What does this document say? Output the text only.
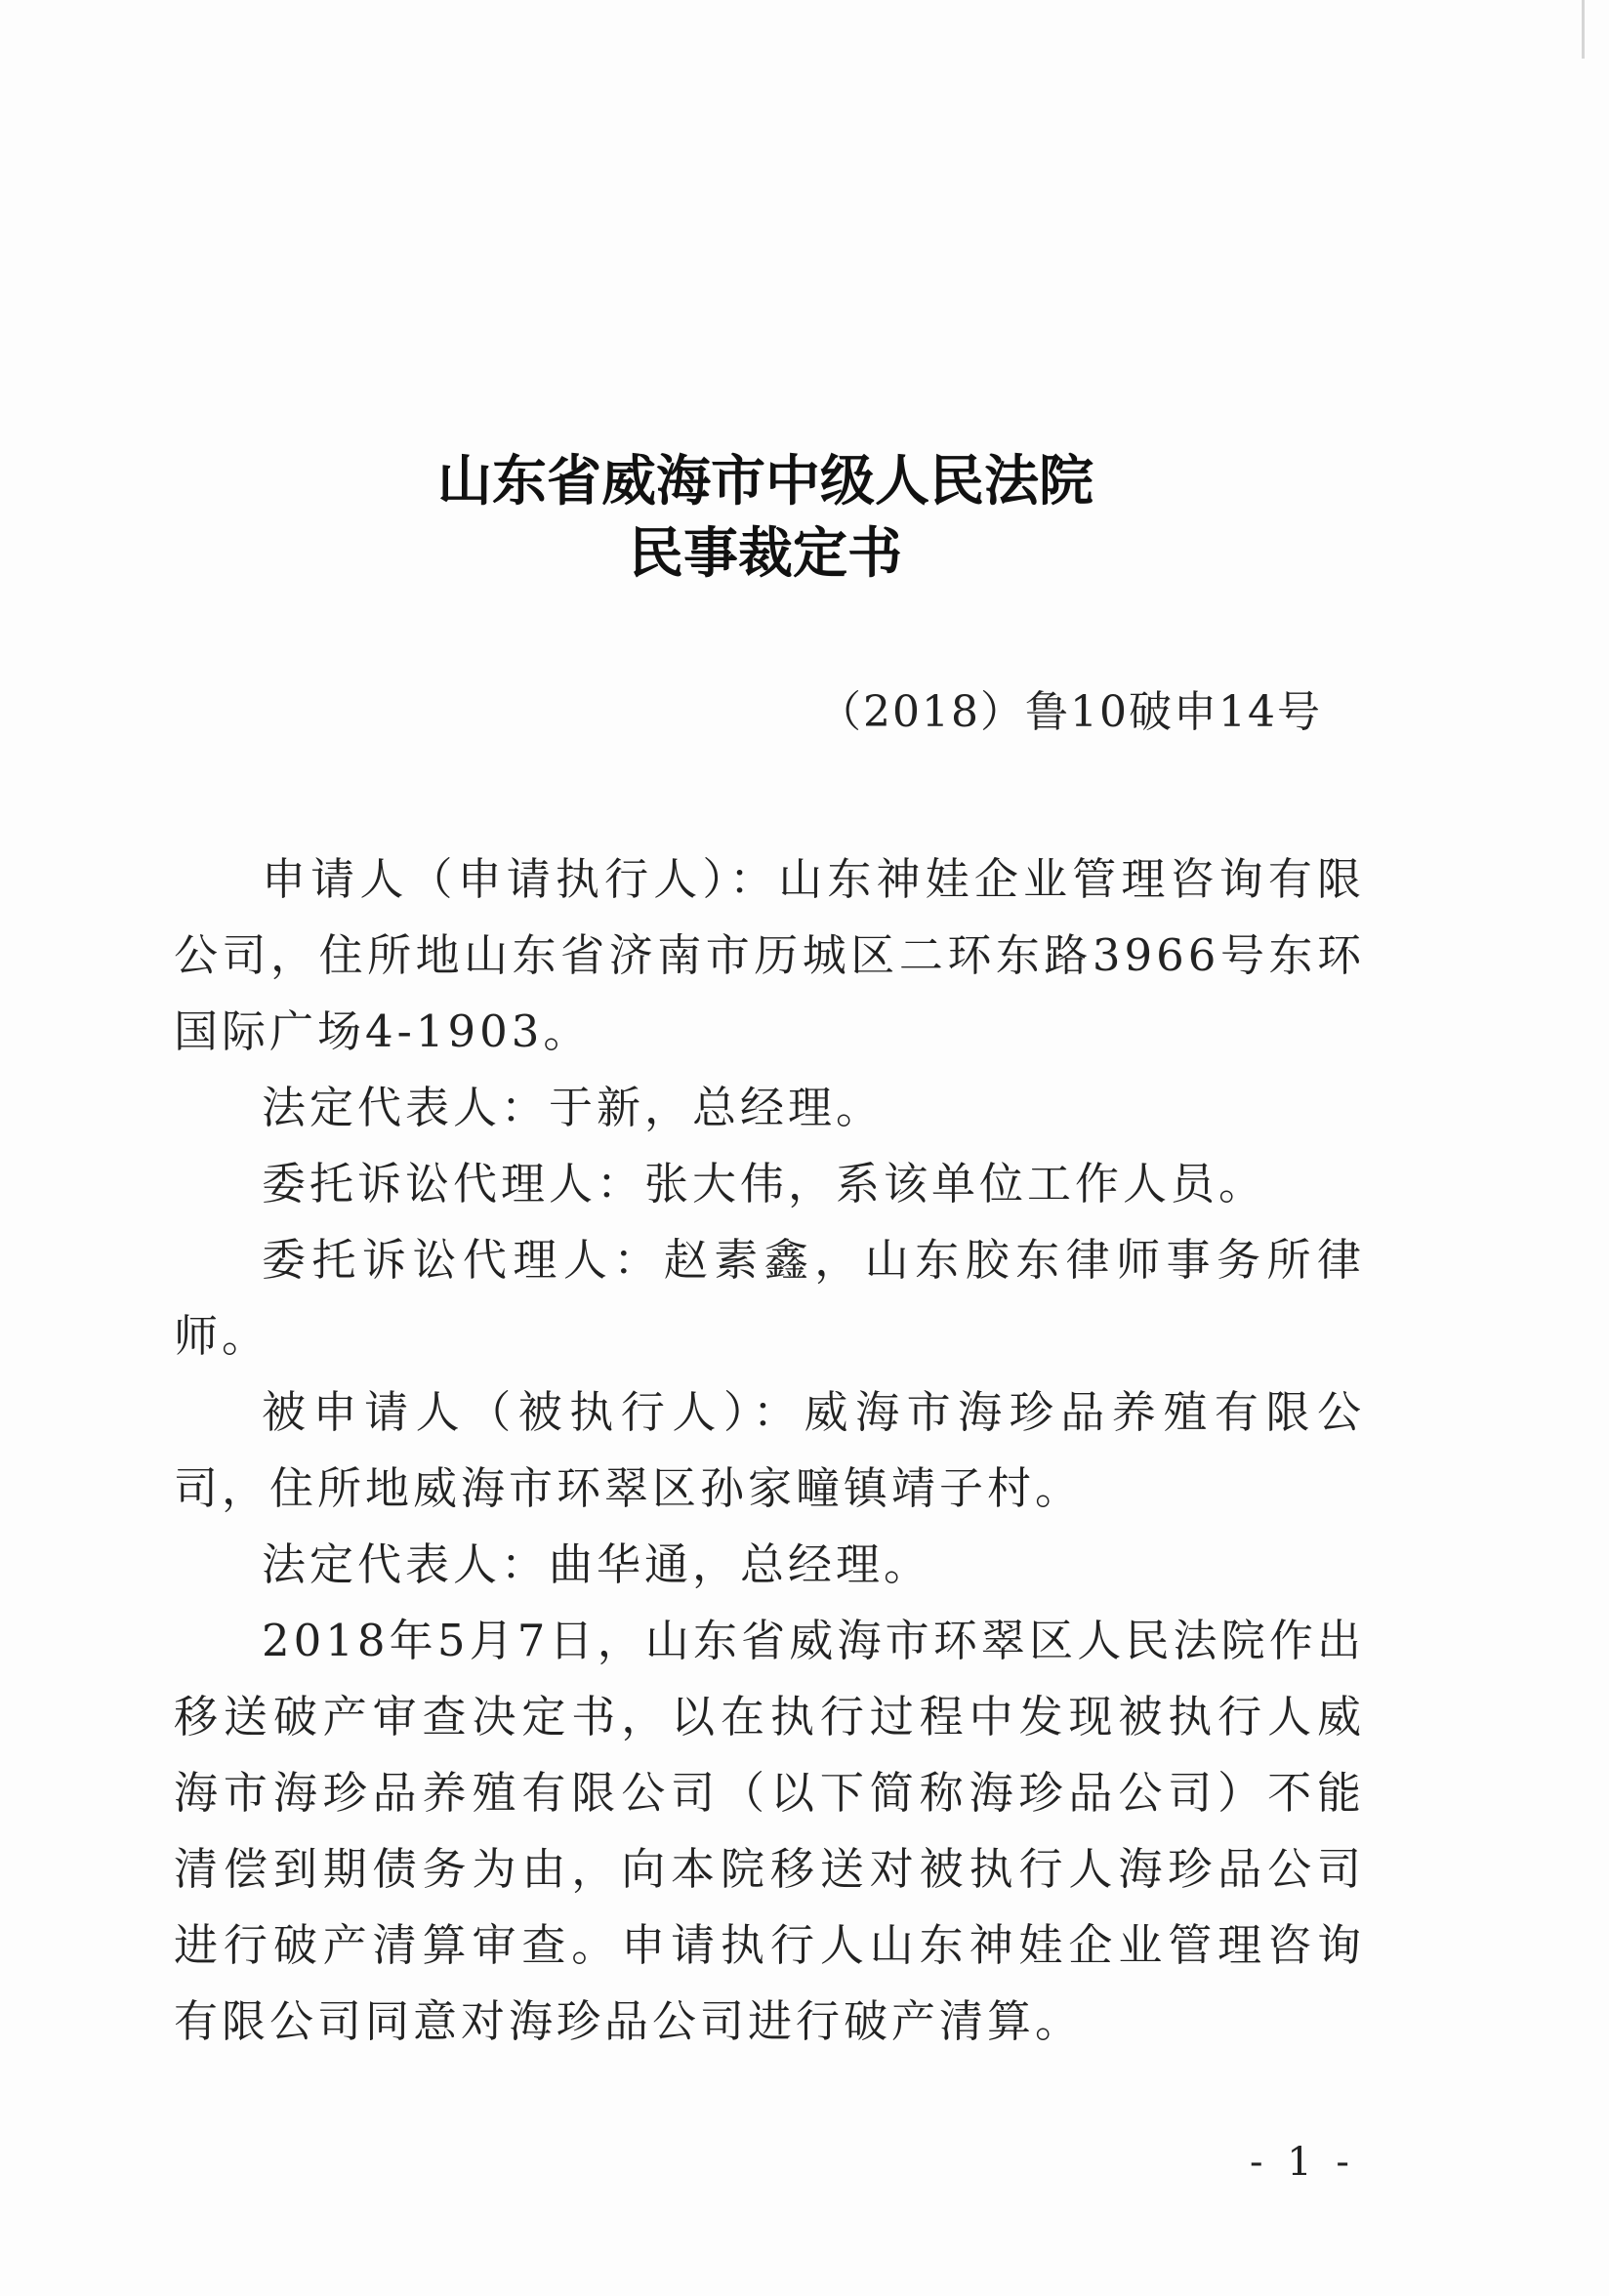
山东省威海市中级人民法院
民事裁定书
（2018）鲁10破申14号

申请人（申请执行人）：山东神娃企业管理咨询有限公司，住所地山东省济南市历城区二环东路3966号东环国际广场4-1903。

法定代表人：于新，总经理。

委托诉讼代理人：张大伟，系该单位工作人员。

委托诉讼代理人：赵素鑫，山东胶东律师事务所律师。

被申请人（被执行人）：威海市海珍品养殖有限公司，住所地威海市环翠区孙家疃镇靖子村。

法定代表人：曲华通，总经理。

2018年5月7日，山东省威海市环翠区人民法院作出移送破产审查决定书，以在执行过程中发现被执行人威海市海珍品养殖有限公司（以下简称海珍品公司）不能清偿到期债务为由，向本院移送对被执行人海珍品公司进行破产清算审查。申请执行人山东神娃企业管理咨询有限公司同意对海珍品公司进行破产清算。

- 1 -
